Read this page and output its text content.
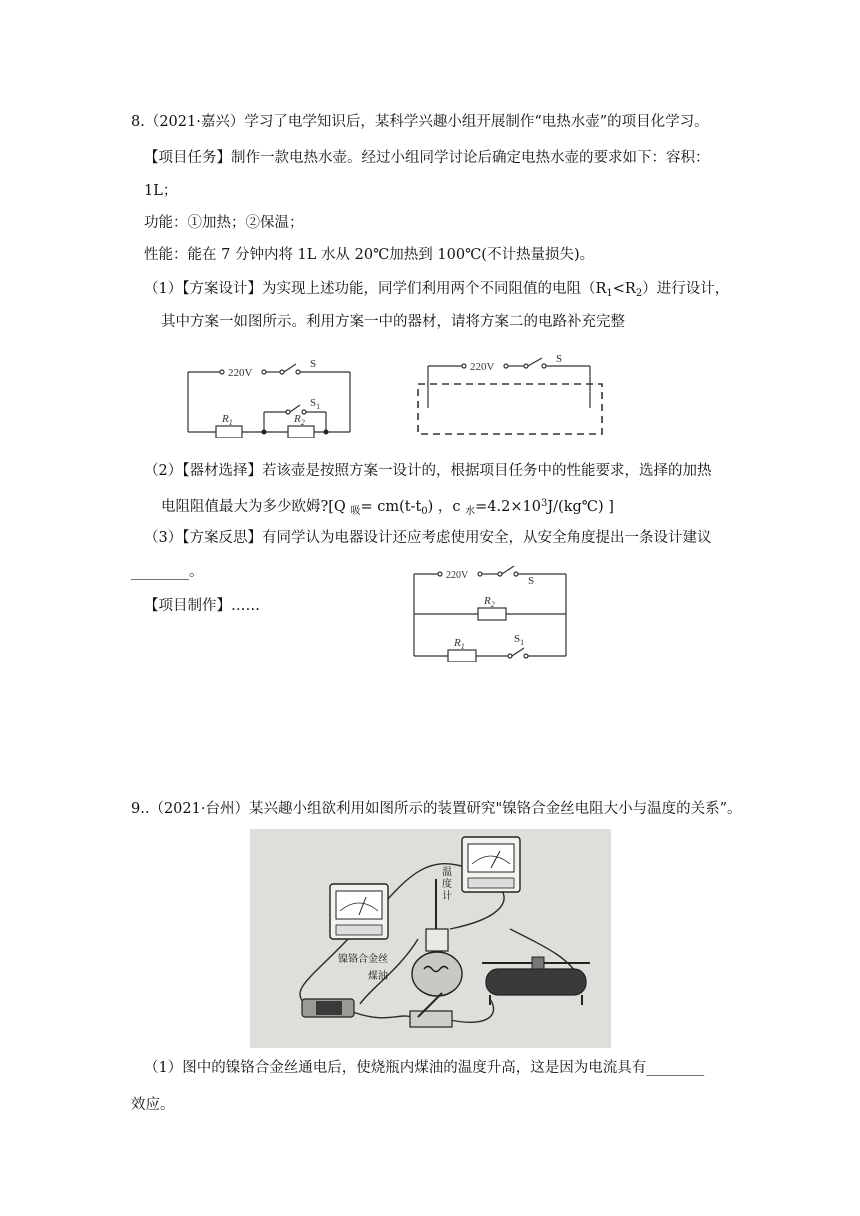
8.（2021·嘉兴）学习了电学知识后，某科学兴趣小组开展制作“电热水壶”的项目化学习。
【项目任务】制作一款电热水壶。经过小组同学讨论后确定电热水壶的要求如下：容积：
1L；
功能：①加热；②保温；
性能：能在 7 分钟内将 1L 水从 20℃加热到 100℃(不计热量损失)。
（1）【方案设计】为实现上述功能，同学们利用两个不同阻值的电阻$(R_1<R_2)$进行设计，
其中方案一如图所示。利用方案一中的器材，请将方案二的电路补充完整
220V
S
$S_1$
$R_1$	$R_2$
220V
S
（2）【器材选择】若该壶是按照方案一设计的，根据项目任务中的性能要求，选择的加热
电阻阻值最大为多少欧姆?[Q $_吸= cm(t-t_0)$ ，c $_水=4.2\times 10^3J/(kg℃)$ ]
（3）【方案反思】有同学认为电器设计还应考虑使用安全，从安全角度提出一条设计建议
________。
【项目制作】……
220V	S
$R_2$
$R_1$
$S_1$
9..（2021·台州）某兴趣小组欲利用如图所示的装置研究"镍铬合金丝电阻大小与温度的关系”。
温
度
计
镍铬合金丝
煤油
（1）图中的镍铬合金丝通电后，使烧瓶内煤油的温度升高，这是因为电流具有________
效应。
